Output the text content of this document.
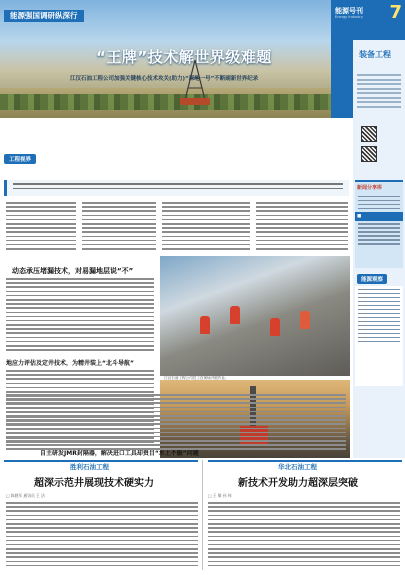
能源强国调研纵深行
“王牌”技术解世界级难题
江汉石油工程公司加强关键核心技术攻关(助力)“深地一号”不断刷新世界纪录
能源号刊
Energy Industry 7
装备工程
新闻分享库
■
能源观察
工程视界
动态承压堵漏技术，对易漏地层说“不”
地应力评估及定井技术，为精井装上“北斗导航”
江汉石油工程公司员工在现场开展作业。
自主研发JMR封隔器，解决进口工具却贵目“水土不服”问题
胜利石油工程
超深示范井展现技术硬实力
□ 陈晓军 通讯员 王 洁
华北石油工程
新技术开发助力超深层突破
□ 王 敏 孙 伟
